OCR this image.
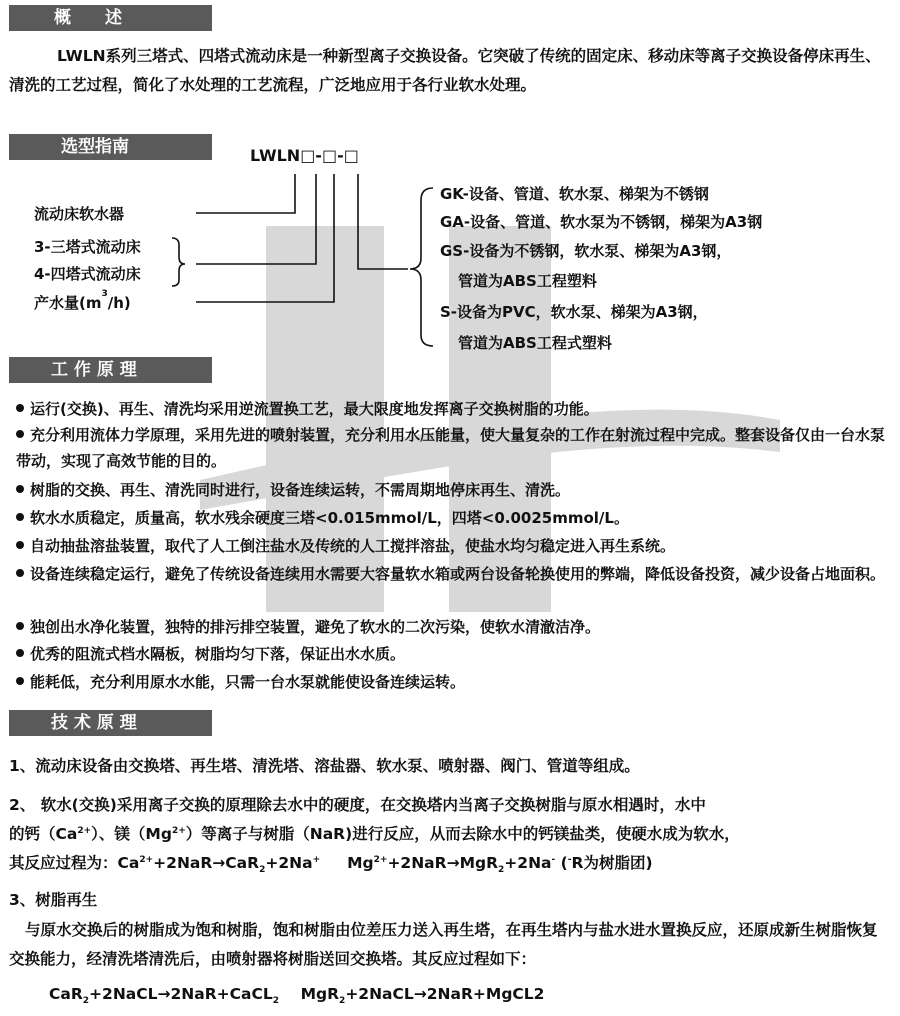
概　　述
LWLN系列三塔式、四塔式流动床是一种新型离子交换设备。它突破了传统的固定床、移动床等离子交换设备停床再生、清洗的工艺过程，简化了水处理的工艺流程，广泛地应用于各行业软水处理。
选型指南	LWLN□-□-□
流动床软水器
3-三塔式流动床
4-四塔式流动床
产水量$(m^3/h)$
GK-设备、管道、软水泵、梯架为不锈钢
GA-设备、管道、软水泵为不锈钢，梯架为A3钢
GS-设备为不锈钢，软水泵、梯架为A3钢，
管道为ABS工程塑料
S-设备为PVC，软水泵、梯架为A3钢，
管道为ABS工程式塑料
工 作 原 理
运行(交换)、再生、清洗均采用逆流置换工艺，最大限度地发挥离子交换树脂的功能。
充分利用流体力学原理，采用先进的喷射装置，充分利用水压能量，使大量复杂的工作在射流过程中完成。整套设备仅由一台水泵带动，实现了高效节能的目的。
树脂的交换、再生、清洗同时进行，设备连续运转，不需周期地停床再生、清洗。
软水水质稳定，质量高，软水残余硬度三塔<0.015mmol/L，四塔<0.0025mmol/L。
自动抽盐溶盐装置，取代了人工倒注盐水及传统的人工搅拌溶盐，使盐水均匀稳定进入再生系统。
设备连续稳定运行，避免了传统设备连续用水需要大容量软水箱或两台设备轮换使用的弊端，降低设备投资，减少设备占地面积。
独创出水净化装置，独特的排污排空装置，避免了软水的二次污染，使软水清澈洁净。
优秀的阻流式档水隔板，树脂均匀下落，保证出水水质。
能耗低，充分利用原水水能，只需一台水泵就能使设备连续运转。
技 术 原 理
1、流动床设备由交换塔、再生塔、清洗塔、溶盐器、软水泵、喷射器、阀门、管道等组成。
2、 软水(交换)采用离子交换的原理除去水中的硬度，在交换塔内当离子交换树脂与原水相遇时，水中
的钙$(Ca^{2+})$、镁$(Mg^{2+})$等离子与树脂（NaR)进行反应，从而去除水中的钙镁盐类，使硬水成为软水，
其反应过程为：$Ca^{2+}+2NaR\to CaR_2+2Na^+$ $Mg^{2+}+2NaR\to MgR_2+2Na^-$ (-R为树脂团)
3、树脂再生
与原水交换后的树脂成为饱和树脂，饱和树脂由位差压力送入再生塔，在再生塔内与盐水进水置换反应，还原成新生树脂恢复交换能力，经清洗塔清洗后，由喷射器将树脂送回交换塔。其反应过程如下：
CaR$_2$+2NaCL→2NaR+CaCL$_2$ MgR$_2$+2NaCL→2NaR+MgCL2
